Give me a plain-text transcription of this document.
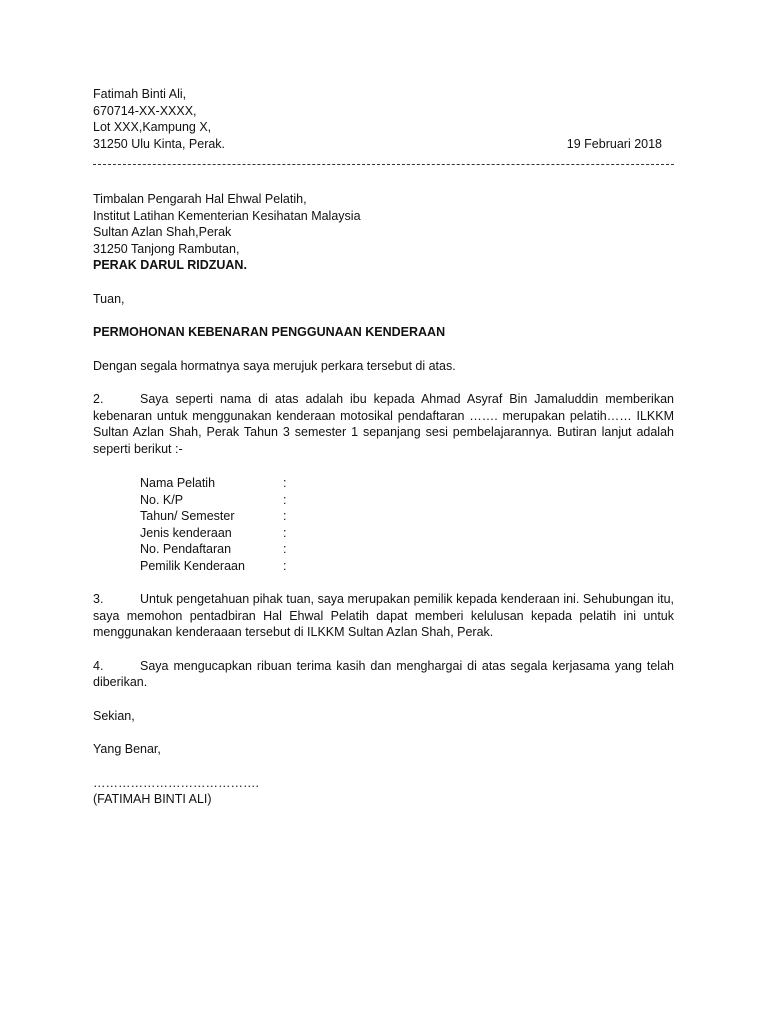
Fatimah Binti Ali,
670714-XX-XXXX,
Lot XXX,Kampung X,
31250 Ulu Kinta, Perak.	19 Februari 2018
Timbalan Pengarah Hal Ehwal Pelatih,
Institut Latihan Kementerian Kesihatan Malaysia
Sultan Azlan Shah,Perak
31250 Tanjong Rambutan,
PERAK DARUL RIDZUAN.
Tuan,
PERMOHONAN KEBENARAN PENGGUNAAN KENDERAAN
Dengan segala hormatnya saya merujuk perkara tersebut di atas.
2.	Saya seperti nama di atas adalah ibu kepada Ahmad Asyraf Bin Jamaluddin memberikan kebenaran untuk menggunakan kenderaan motosikal pendaftaran ……. merupakan pelatih…… ILKKM Sultan Azlan Shah, Perak Tahun 3 semester 1 sepanjang sesi pembelajarannya. Butiran lanjut adalah seperti berikut :-
Nama Pelatih	:
No. K/P	:
Tahun/ Semester	:
Jenis kenderaan	:
No. Pendaftaran	:
Pemilik Kenderaan	:
3.	Untuk pengetahuan pihak tuan, saya merupakan pemilik kepada kenderaan ini. Sehubungan itu, saya memohon pentadbiran Hal Ehwal Pelatih dapat memberi kelulusan kepada pelatih ini untuk menggunakan kenderaaan tersebut di ILKKM Sultan Azlan Shah, Perak.
4.	Saya mengucapkan ribuan terima kasih dan menghargai di atas segala kerjasama yang telah diberikan.
Sekian,
Yang Benar,
………………………………….
(FATIMAH BINTI ALI)
